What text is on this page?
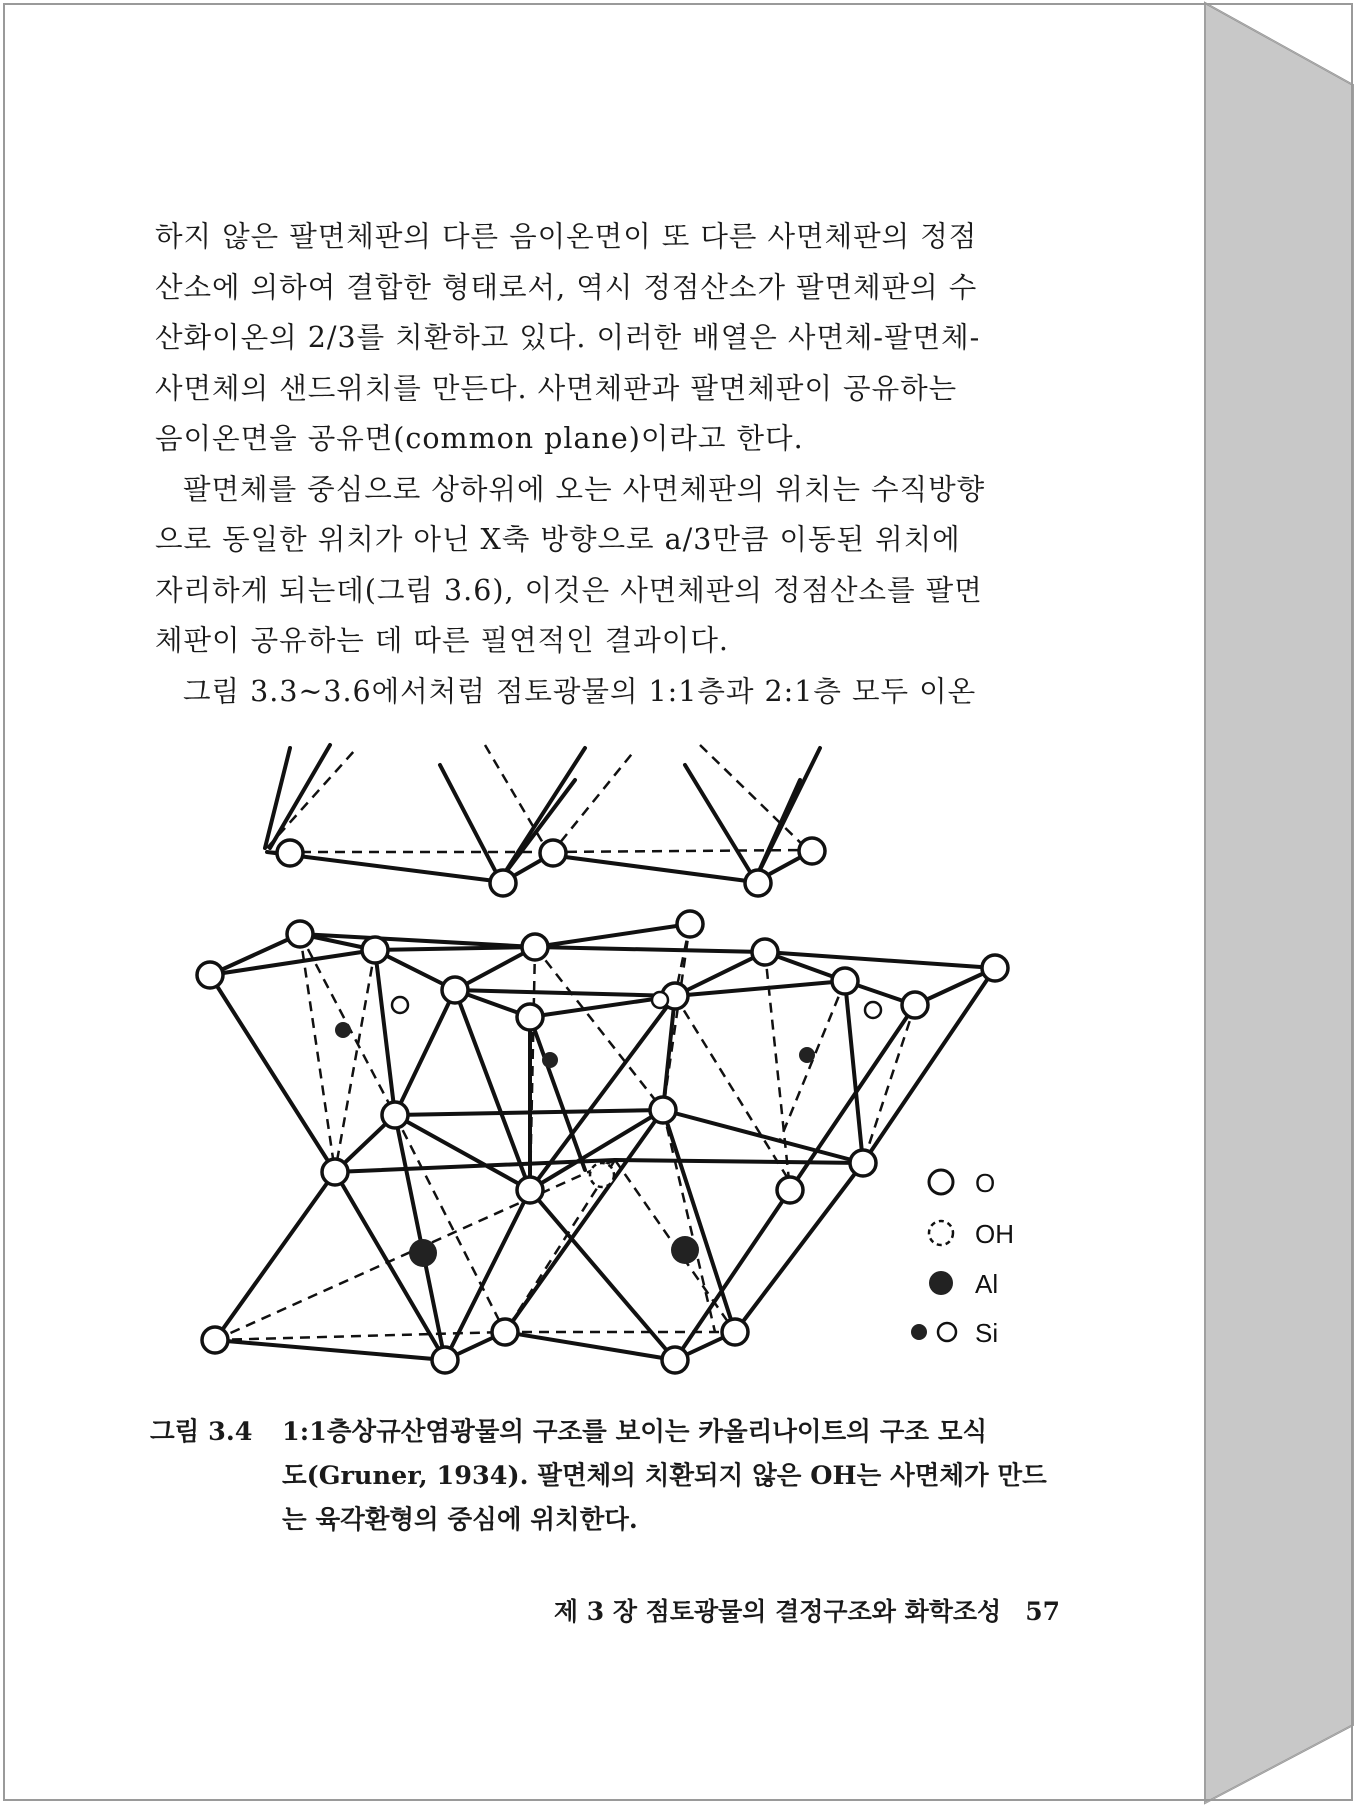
하지 않은 팔면체판의 다른 음이온면이 또 다른 사면체판의 정점
산소에 의하여 결합한 형태로서, 역시 정점산소가 팔면체판의 수
산화이온의 2/3를 치환하고 있다. 이러한 배열은 사면체-팔면체-
사면체의 샌드위치를 만든다. 사면체판과 팔면체판이 공유하는
음이온면을 공유면(common plane)이라고 한다.
팔면체를 중심으로 상하위에 오는 사면체판의 위치는 수직방향
으로 동일한 위치가 아닌 X축 방향으로 a/3만큼 이동된 위치에
자리하게 되는데(그림 3.6), 이것은 사면체판의 정점산소를 팔면
체판이 공유하는 데 따른 필연적인 결과이다.
그림 3.3~3.6에서처럼 점토광물의 1:1층과 2:1층 모두 이온
O
OH
Al
Si
그림 3.4 1:1층상규산염광물의 구조를 보이는 카올리나이트의 구조 모식
도(Gruner, 1934). 팔면체의 치환되지 않은 OH는 사면체가 만드
는 육각환형의 중심에 위치한다.
제 3 장 점토광물의 결정구조와 화학조성 57
